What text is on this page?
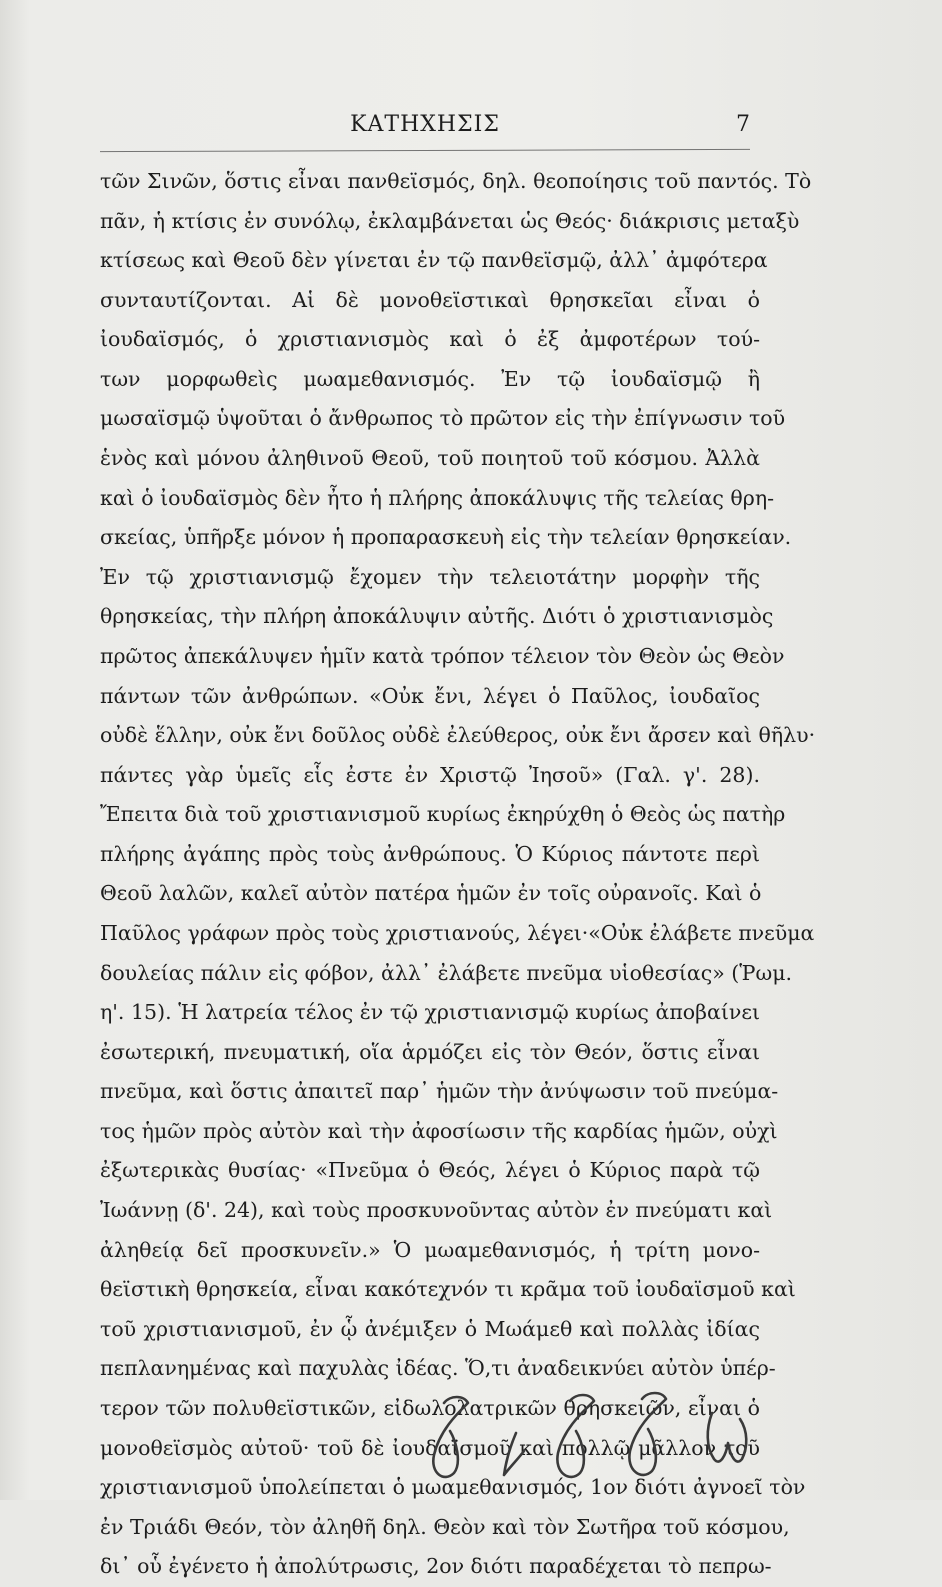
ΚΑΤΗΧΗΣΙΣ	7
τῶν Σινῶν, ὅστις εἶναι πανθεϊσμός, δηλ. θεοποίησις τοῦ παντός. Τὸ
πᾶν, ἡ κτίσις ἐν συνόλῳ, ἐκλαμβάνεται ὡς Θεός· διάκρισις μεταξὺ
κτίσεως καὶ Θεοῦ δὲν γίνεται ἐν τῷ πανθεϊσμῷ, ἀλλ᾽ ἀμφότερα
συνταυτίζονται. Αἱ δὲ μονοθεϊστικαὶ θρησκεῖαι εἶναι ὁ
ἰουδαϊσμός, ὁ χριστιανισμὸς καὶ ὁ ἐξ ἀμφοτέρων τού-
των μορφωθεὶς μωαμεθανισμός. Ἐν τῷ ἰουδαϊσμῷ ἢ
μωσαϊσμῷ ὑψοῦται ὁ ἄνθρωπος τὸ πρῶτον εἰς τὴν ἐπίγνωσιν τοῦ
ἑνὸς καὶ μόνου ἀληθινοῦ Θεοῦ, τοῦ ποιητοῦ τοῦ κόσμου. Ἀλλὰ
καὶ ὁ ἰουδαϊσμὸς δὲν ἦτο ἡ πλήρης ἀποκάλυψις τῆς τελείας θρη-
σκείας, ὑπῆρξε μόνον ἡ προπαρασκευὴ εἰς τὴν τελείαν θρησκείαν.
Ἐν τῷ χριστιανισμῷ ἔχομεν τὴν τελειοτάτην μορφὴν τῆς
θρησκείας, τὴν πλήρη ἀποκάλυψιν αὐτῆς. Διότι ὁ χριστιανισμὸς
πρῶτος ἀπεκάλυψεν ἡμῖν κατὰ τρόπον τέλειον τὸν Θεὸν ὡς Θεὸν
πάντων τῶν ἀνθρώπων. «Οὐκ ἔνι, λέγει ὁ Παῦλος, ἰουδαῖος
οὐδὲ ἕλλην, οὐκ ἔνι δοῦλος οὐδὲ ἐλεύθερος, οὐκ ἔνι ἄρσεν καὶ θῆλυ·
πάντες γὰρ ὑμεῖς εἷς ἐστε ἐν Χριστῷ Ἰησοῦ» (Γαλ. γ'. 28).
Ἔπειτα διὰ τοῦ χριστιανισμοῦ κυρίως ἐκηρύχθη ὁ Θεὸς ὡς πατὴρ
πλήρης ἀγάπης πρὸς τοὺς ἀνθρώπους. Ὁ Κύριος πάντοτε περὶ
Θεοῦ λαλῶν, καλεῖ αὐτὸν πατέρα ἡμῶν ἐν τοῖς οὐρανοῖς. Καὶ ὁ
Παῦλος γράφων πρὸς τοὺς χριστιανούς, λέγει·«Οὐκ ἐλάβετε πνεῦμα
δουλείας πάλιν εἰς φόβον, ἀλλ᾽ ἐλάβετε πνεῦμα υἱοθεσίας» (Ῥωμ.
η'. 15). Ἡ λατρεία τέλος ἐν τῷ χριστιανισμῷ κυρίως ἀποβαίνει
ἐσωτερική, πνευματική, οἵα ἁρμόζει εἰς τὸν Θεόν, ὅστις εἶναι
πνεῦμα, καὶ ὅστις ἀπαιτεῖ παρ᾽ ἡμῶν τὴν ἀνύψωσιν τοῦ πνεύμα-
τος ἡμῶν πρὸς αὐτὸν καὶ τὴν ἀφοσίωσιν τῆς καρδίας ἡμῶν, οὐχὶ
ἐξωτερικὰς θυσίας· «Πνεῦμα ὁ Θεός, λέγει ὁ Κύριος παρὰ τῷ
Ἰωάννῃ (δ'. 24), καὶ τοὺς προσκυνοῦντας αὐτὸν ἐν πνεύματι καὶ
ἀληθείᾳ δεῖ προσκυνεῖν.» Ὁ μωαμεθανισμός, ἡ τρίτη μονο-
θεϊστικὴ θρησκεία, εἶναι κακότεχνόν τι κρᾶμα τοῦ ἰουδαϊσμοῦ καὶ
τοῦ χριστιανισμοῦ, ἐν ᾧ ἀνέμιξεν ὁ Μωάμεθ καὶ πολλὰς ἰδίας
πεπλανημένας καὶ παχυλὰς ἰδέας. Ὅ,τι ἀναδεικνύει αὐτὸν ὑπέρ-
τερον τῶν πολυθεϊστικῶν, εἰδωλολατρικῶν θρησκειῶν, εἶναι ὁ
μονοθεϊσμὸς αὐτοῦ· τοῦ δὲ ἰουδαϊσμοῦ καὶ πολλῷ μᾶλλον τοῦ
χριστιανισμοῦ ὑπολείπεται ὁ μωαμεθανισμός, 1ον διότι ἀγνοεῖ τὸν
ἐν Τριάδι Θεόν, τὸν ἀληθῆ δηλ. Θεὸν καὶ τὸν Σωτῆρα τοῦ κόσμου,
δι᾽ οὗ ἐγένετο ἡ ἀπολύτρωσις, 2ον διότι παραδέχεται τὸ πεπρω-
